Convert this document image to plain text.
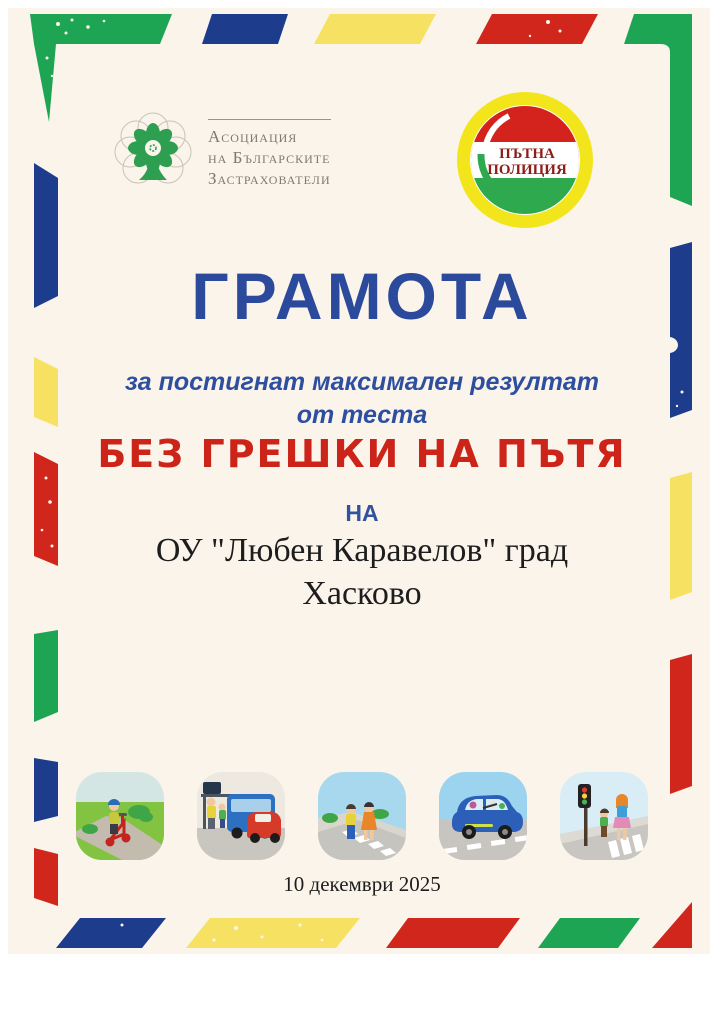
Асоциация
на Българските
Застрахователи
ПЪТНА
ПОЛИЦИЯ
ГРАМОТА
за постигнат максимален резултат
от теста
БЕЗ ГРЕШКИ НА ПЪТЯ
НА
ОУ "Любен Каравелов" град
Хасково
10 декември 2025
